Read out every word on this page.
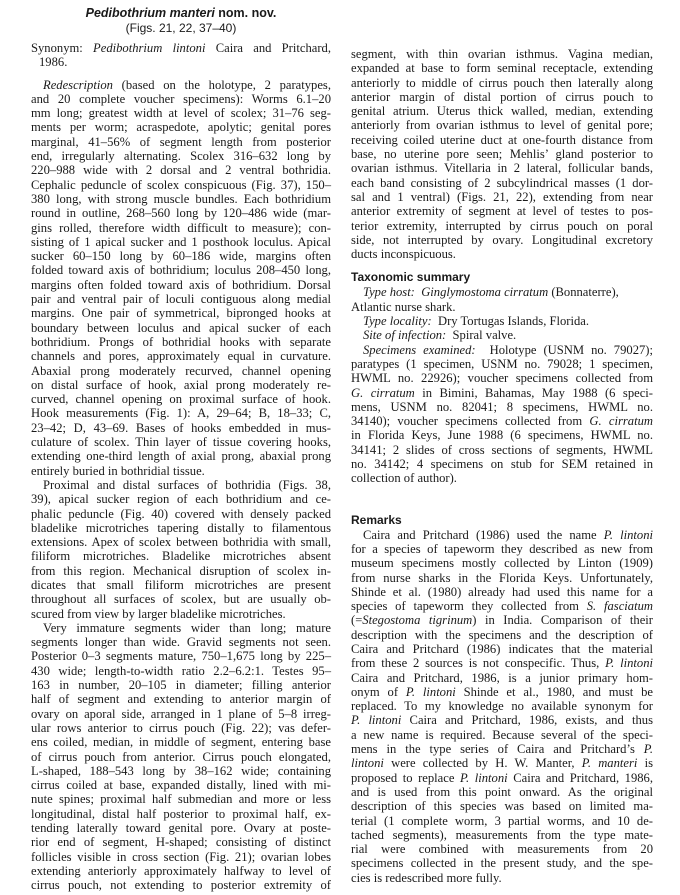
Pedibothrium manteri nom. nov.
(Figs. 21, 22, 37–40)
Synonym: Pedibothrium lintoni Caira and Pritchard,
1986.
Redescription (based on the holotype, 2 paratypes,
and 20 complete voucher specimens): Worms 6.1–20
mm long; greatest width at level of scolex; 31–76 seg-
ments per worm; acraspedote, apolytic; genital pores
marginal, 41–56% of segment length from posterior
end, irregularly alternating. Scolex 316–632 long by
220–988 wide with 2 dorsal and 2 ventral bothridia.
Cephalic peduncle of scolex conspicuous (Fig. 37), 150–
380 long, with strong muscle bundles. Each bothridium
round in outline, 268–560 long by 120–486 wide (mar-
gins rolled, therefore width difficult to measure); con-
sisting of 1 apical sucker and 1 posthook loculus. Apical
sucker 60–150 long by 60–186 wide, margins often
folded toward axis of bothridium; loculus 208–450 long,
margins often folded toward axis of bothridium. Dorsal
pair and ventral pair of loculi contiguous along medial
margins. One pair of symmetrical, bipronged hooks at
boundary between loculus and apical sucker of each
bothridium. Prongs of bothridial hooks with separate
channels and pores, approximately equal in curvature.
Abaxial prong moderately recurved, channel opening
on distal surface of hook, axial prong moderately re-
curved, channel opening on proximal surface of hook.
Hook measurements (Fig. 1): A, 29–64; B, 18–33; C,
23–42; D, 43–69. Bases of hooks embedded in mus-
culature of scolex. Thin layer of tissue covering hooks,
extending one-third length of axial prong, abaxial prong
entirely buried in bothridial tissue.
Proximal and distal surfaces of bothridia (Figs. 38,
39), apical sucker region of each bothridium and ce-
phalic peduncle (Fig. 40) covered with densely packed
bladelike microtriches tapering distally to filamentous
extensions. Apex of scolex between bothridia with small,
filiform microtriches. Bladelike microtriches absent
from this region. Mechanical disruption of scolex in-
dicates that small filiform microtriches are present
throughout all surfaces of scolex, but are usually ob-
scured from view by larger bladelike microtriches.
Very immature segments wider than long; mature
segments longer than wide. Gravid segments not seen.
Posterior 0–3 segments mature, 750–1,675 long by 225–
430 wide; length-to-width ratio 2.2–6.2:1. Testes 95–
163 in number, 20–105 in diameter; filling anterior
half of segment and extending to anterior margin of
ovary on aporal side, arranged in 1 plane of 5–8 irreg-
ular rows anterior to cirrus pouch (Fig. 22); vas defer-
ens coiled, median, in middle of segment, entering base
of cirrus pouch from anterior. Cirrus pouch elongated,
L-shaped, 188–543 long by 38–162 wide; containing
cirrus coiled at base, expanded distally, lined with mi-
nute spines; proximal half submedian and more or less
longitudinal, distal half posterior to proximal half, ex-
tending laterally toward genital pore. Ovary at poste-
rior end of segment, H-shaped; consisting of distinct
follicles visible in cross section (Fig. 21); ovarian lobes
extending anteriorly approximately halfway to level of
cirrus pouch, not extending to posterior extremity of
segment, with thin ovarian isthmus. Vagina median,
expanded at base to form seminal receptacle, extending
anteriorly to middle of cirrus pouch then laterally along
anterior margin of distal portion of cirrus pouch to
genital atrium. Uterus thick walled, median, extending
anteriorly from ovarian isthmus to level of genital pore;
receiving coiled uterine duct at one-fourth distance from
base, no uterine pore seen; Mehlis’ gland posterior to
ovarian isthmus. Vitellaria in 2 lateral, follicular bands,
each band consisting of 2 subcylindrical masses (1 dor-
sal and 1 ventral) (Figs. 21, 22), extending from near
anterior extremity of segment at level of testes to pos-
terior extremity, interrupted by cirrus pouch on poral
side, not interrupted by ovary. Longitudinal excretory
ducts inconspicuous.
Taxonomic summary
Type host: Ginglymostoma cirratum (Bonnaterre),
Atlantic nurse shark.
Type locality:  Dry Tortugas Islands, Florida.
Site of infection:  Spiral valve.
Specimens examined:  Holotype (USNM no. 79027);
paratypes (1 specimen, USNM no. 79028; 1 specimen,
HWML no. 22926); voucher specimens collected from
G. cirratum in Bimini, Bahamas, May 1988 (6 speci-
mens, USNM no. 82041; 8 specimens, HWML no.
34140); voucher specimens collected from G. cirratum
in Florida Keys, June 1988 (6 specimens, HWML no.
34141; 2 slides of cross sections of segments, HWML
no. 34142; 4 specimens on stub for SEM retained in
collection of author).
Remarks
Caira and Pritchard (1986) used the name P. lintoni
for a species of tapeworm they described as new from
museum specimens mostly collected by Linton (1909)
from nurse sharks in the Florida Keys. Unfortunately,
Shinde et al. (1980) already had used this name for a
species of tapeworm they collected from S. fasciatum
(=Stegostoma tigrinum) in India. Comparison of their
description with the specimens and the description of
Caira and Pritchard (1986) indicates that the material
from these 2 sources is not conspecific. Thus, P. lintoni
Caira and Pritchard, 1986, is a junior primary hom-
onym of P. lintoni Shinde et al., 1980, and must be
replaced. To my knowledge no available synonym for
P. lintoni Caira and Pritchard, 1986, exists, and thus
a new name is required. Because several of the speci-
mens in the type series of Caira and Pritchard’s P.
lintoni were collected by H. W. Manter, P. manteri is
proposed to replace P. lintoni Caira and Pritchard, 1986,
and is used from this point onward. As the original
description of this species was based on limited ma-
terial (1 complete worm, 3 partial worms, and 10 de-
tached segments), measurements from the type mate-
rial were combined with measurements from 20
specimens collected in the present study, and the spe-
cies is redescribed more fully.
